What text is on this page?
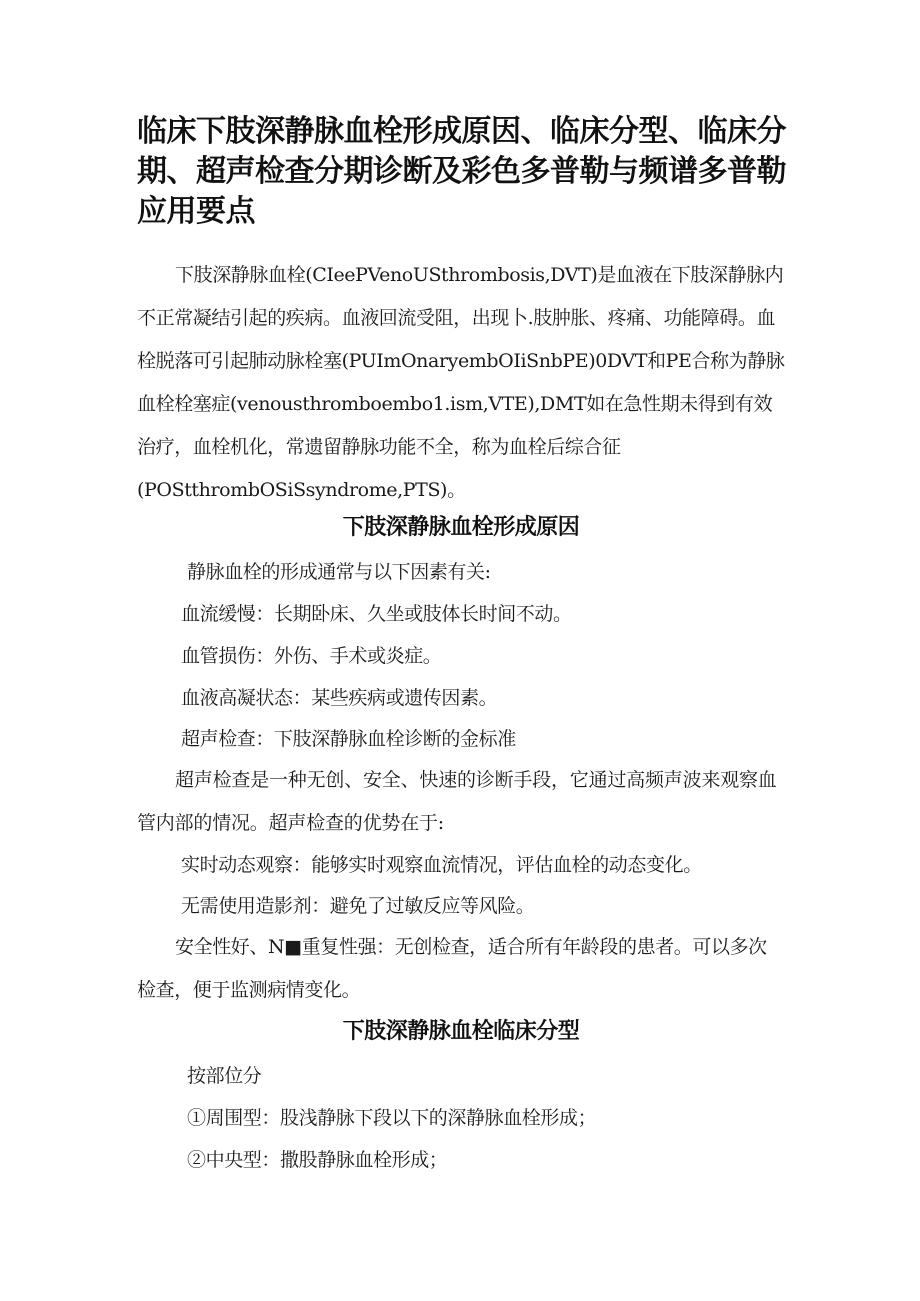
临床下肢深静脉血栓形成原因、临床分型、临床分期、超声检查分期诊断及彩色多普勒与频谱多普勒应用要点

下肢深静脉血栓(CIeePVenoUSthrombosis,DVT)是血液在下肢深静脉内不正常凝结引起的疾病。血液回流受阻，出现卜.肢肿胀、疼痛、功能障碍。血栓脱落可引起肺动脉栓塞(PUImOnaryembOIiSnbPE)0DVT和PE合称为静脉血栓栓塞症(venousthromboembo1.ism,VTE),DMT如在急性期未得到有效治疗，血栓机化，常遗留静脉功能不全，称为血栓后综合征(POStthrombOSiSsyndrome,PTS)。

下肢深静脉血栓形成原因

静脉血栓的形成通常与以下因素有关:

血流缓慢：长期卧床、久坐或肢体长时间不动。

血管损伤：外伤、手术或炎症。

血液高凝状态：某些疾病或遗传因素。

超声检查：下肢深静脉血栓诊断的金标准

超声检查是一种无创、安全、快速的诊断手段，它通过高频声波来观察血管内部的情况。超声检查的优势在于:

实时动态观察：能够实时观察血流情况，评估血栓的动态变化。

无需使用造影剂：避免了过敏反应等风险。

安全性好、N■重复性强：无创检查，适合所有年龄段的患者。可以多次检查，便于监测病情变化。

下肢深静脉血栓临床分型

按部位分

①周围型：股浅静脉下段以下的深静脉血栓形成；

②中央型：撒股静脉血栓形成；
